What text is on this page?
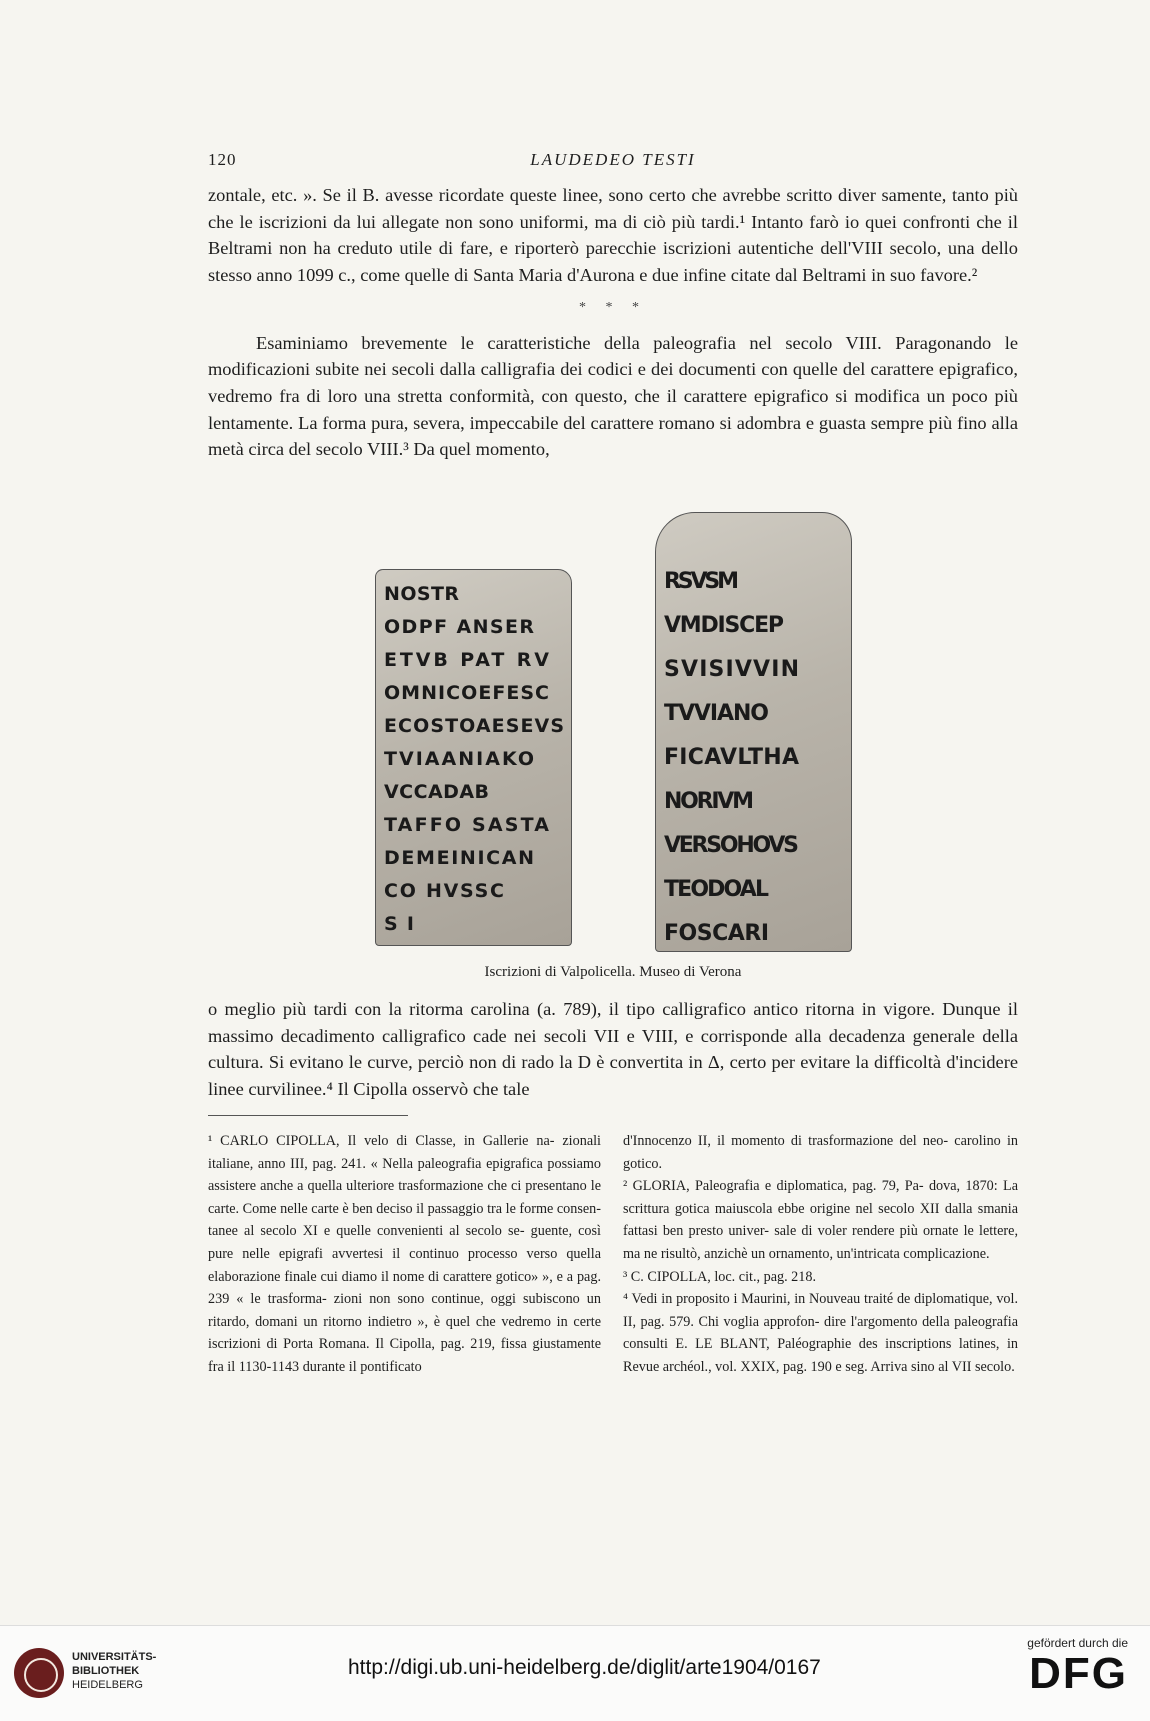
120	LAUDEDEO TESTI

zontale, etc. ». Se il B. avesse ricordate queste linee, sono certo che avrebbe scritto diver samente, tanto più che le iscrizioni da lui allegate non sono uniformi, ma di ciò più tardi.¹ Intanto farò io quei confronti che il Beltrami non ha creduto utile di fare, e riporterò parecchie iscrizioni autentiche dell'VIII secolo, una dello stesso anno 1099 c., come quelle di Santa Maria d'Aurona e due infine citate dal Beltrami in suo favore.²

* * *

Esaminiamo brevemente le caratteristiche della paleografia nel secolo VIII. Paragonando le modificazioni subite nei secoli dalla calligrafia dei codici e dei documenti con quelle del carattere epigrafico, vedremo fra di loro una stretta conformità, con questo, che il carattere epigrafico si modifica un poco più lentamente. La forma pura, severa, impeccabile del carattere romano si adombra e guasta sempre più fino alla metà circa del secolo VIII.³ Da quel momento,

NOSTR
ODPF ANSER
ETVB PAT RV
OMNICOEFESC
ECOSTOAESEVS
TVIAANIAKO
VCCADAB
TAFFO SASTA
DEMEINICAN
CO HVSSC
SI
RSVSM
VMDISCEP
SVISIVVIN
TVVIANO
FICAVLTHA
NORIVM
VERSOHOVS
TEODOAL
FOSCARI
Iscrizioni di Valpolicella. Museo di Verona

o meglio più tardi con la ritorma carolina (a. 789), il tipo calligrafico antico ritorna in vigore. Dunque il massimo decadimento calligrafico cade nei secoli VII e VIII, e corrisponde alla decadenza generale della cultura. Si evitano le curve, perciò non di rado la D è convertita in Δ, certo per evitare la difficoltà d'incidere linee curvilinee.⁴ Il Cipolla osservò che tale

¹ CARLO CIPOLLA, Il velo di Classe, in Gallerie na- zionali italiane, anno III, pag. 241. « Nella paleografia epigrafica possiamo assistere anche a quella ulteriore trasformazione che ci presentano le carte. Come nelle carte è ben deciso il passaggio tra le forme consen- tanee al secolo XI e quelle convenienti al secolo se- guente, così pure nelle epigrafi avvertesi il continuo processo verso quella elaborazione finale cui diamo il nome di carattere gotico» », e a pag. 239 « le trasforma- zioni non sono continue, oggi subiscono un ritardo, domani un ritorno indietro », è quel che vedremo in certe iscrizioni di Porta Romana. Il Cipolla, pag. 219, fissa giustamente fra il 1130-1143 durante il pontificato

d'Innocenzo II, il momento di trasformazione del neo- carolino in gotico.

² GLORIA, Paleografia e diplomatica, pag. 79, Pa- dova, 1870: La scrittura gotica maiuscola ebbe origine nel secolo XII dalla smania fattasi ben presto univer- sale di voler rendere più ornate le lettere, ma ne risultò, anzichè un ornamento, un'intricata complicazione.

³ C. CIPOLLA, loc. cit., pag. 218.

⁴ Vedi in proposito i Maurini, in Nouveau traité de diplomatique, vol. II, pag. 579. Chi voglia approfon- dire l'argomento della paleografia consulti E. LE BLANT, Paléographie des inscriptions latines, in Revue archéol., vol. XXIX, pag. 190 e seg. Arriva sino al VII secolo.

UNIVERSITÄTS-
BIBLIOTHEK
HEIDELBERG
http://digi.ub.uni-heidelberg.de/diglit/arte1904/0167
gefördert durch die
DFG
